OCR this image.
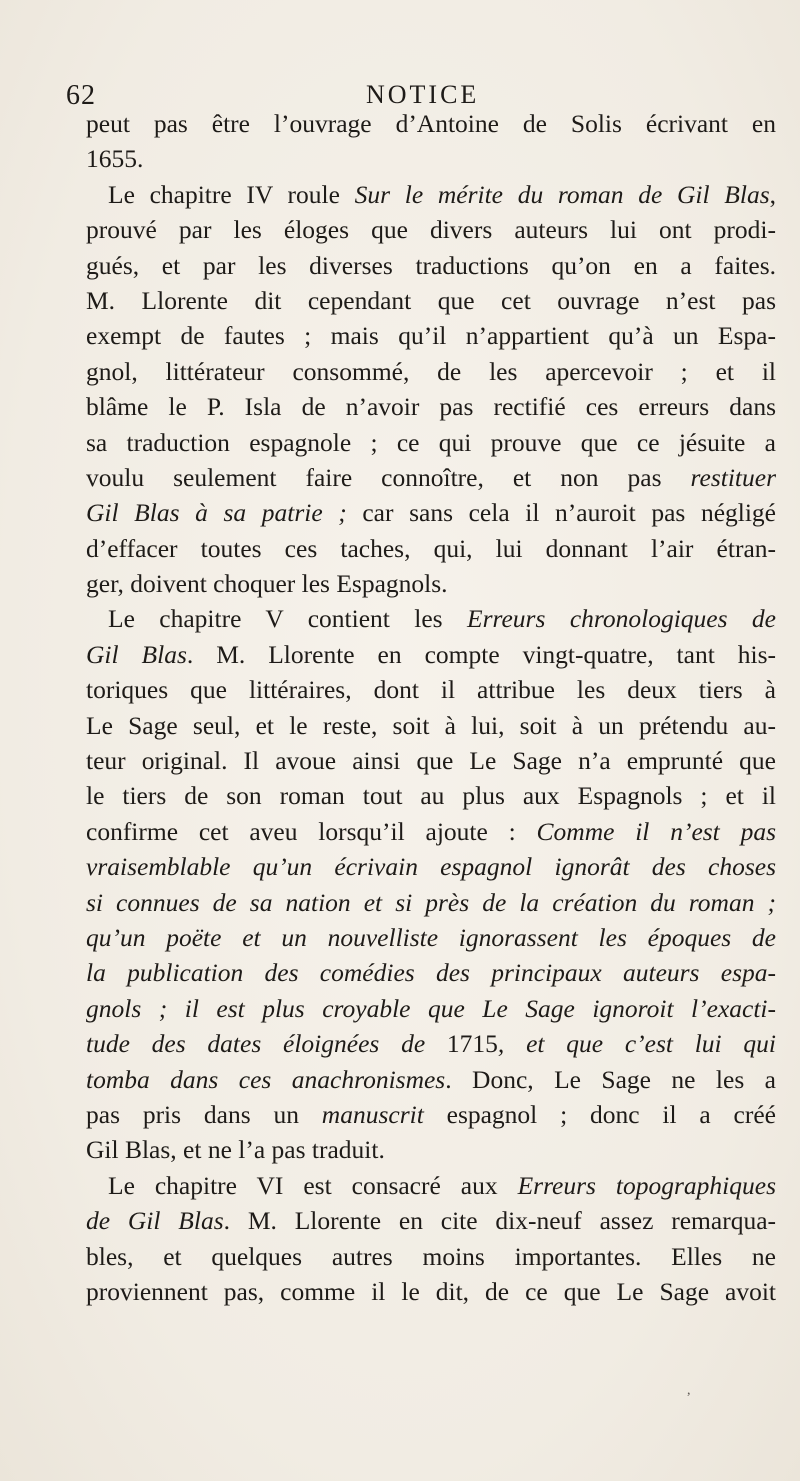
62	NOTICE
peut pas être l’ouvrage d’Antoine de Solis écrivant en
1655.
Le chapitre IV roule Sur le mérite du roman de Gil Blas,
prouvé par les éloges que divers auteurs lui ont prodi-
gués, et par les diverses traductions qu’on en a faites.
M. Llorente dit cependant que cet ouvrage n’est pas
exempt de fautes ; mais qu’il n’appartient qu’à un Espa-
gnol, littérateur consommé, de les apercevoir ; et il
blâme le P. Isla de n’avoir pas rectifié ces erreurs dans
sa traduction espagnole ; ce qui prouve que ce jésuite a
voulu seulement faire connoître, et non pas restituer
Gil Blas à sa patrie ; car sans cela il n’auroit pas négligé
d’effacer toutes ces taches, qui, lui donnant l’air étran-
ger, doivent choquer les Espagnols.
Le chapitre V contient les Erreurs chronologiques de
Gil Blas. M. Llorente en compte vingt-quatre, tant his-
toriques que littéraires, dont il attribue les deux tiers à
Le Sage seul, et le reste, soit à lui, soit à un prétendu au-
teur original. Il avoue ainsi que Le Sage n’a emprunté que
le tiers de son roman tout au plus aux Espagnols ; et il
confirme cet aveu lorsqu’il ajoute : Comme il n’est pas
vraisemblable qu’un écrivain espagnol ignorât des choses
si connues de sa nation et si près de la création du roman ;
qu’un poëte et un nouvelliste ignorassent les époques de
la publication des comédies des principaux auteurs espa-
gnols ; il est plus croyable que Le Sage ignoroit l’exacti-
tude des dates éloignées de 1715, et que c’est lui qui
tomba dans ces anachronismes. Donc, Le Sage ne les a
pas pris dans un manuscrit espagnol ; donc il a créé
Gil Blas, et ne l’a pas traduit.
Le chapitre VI est consacré aux Erreurs topographiques
de Gil Blas. M. Llorente en cite dix-neuf assez remarqua-
bles, et quelques autres moins importantes. Elles ne
proviennent pas, comme il le dit, de ce que Le Sage avoit
,
